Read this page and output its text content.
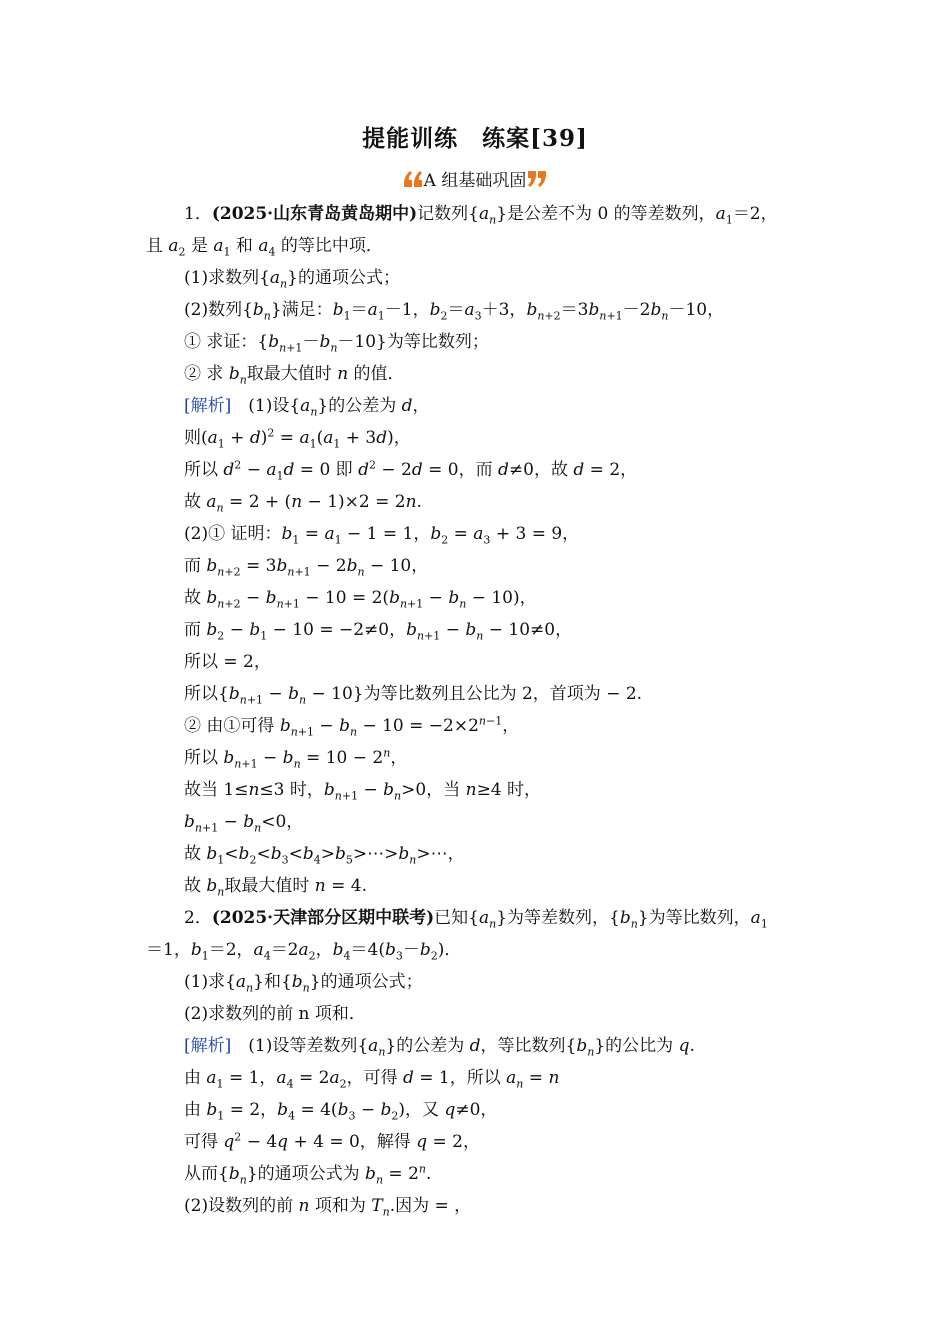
提能训练　练案[39]
A 组基础巩固
1．(2025·山东青岛黄岛期中)记数列$\{a_n\}$是公差不为 0 的等差数列，$a_1=2$，
且 $a_2$ 是 $a_1$ 和 $a_4$ 的等比中项．
(1)求数列$\{a_n\}$的通项公式；
(2)数列$\{b_n\}$满足：$b_1=a_1-1$，$b_2=a_3+3$，$b_{n+2}=3b_{n+1}-2b_n-10$，
① 求证：$\{b_{n+1}-b_n-10\}$为等比数列；
② 求 $b_n$取最大值时 n 的值．
[解析]　(1)设$\{a_n\}$的公差为 d，
则$(a_1 + d)^2 = a_1(a_1 + 3d)$，
所以 $d^2 - a_1d = 0$ 即 $d^2 - 2d = 0$，而 d≠0，故 d = 2，
故 $a_n = 2 + (n - 1)\times 2 = 2n$.
(2)① 证明：$b_1 = a_1 - 1 = 1$，$b_2 = a_3 + 3 = 9$，
而 $b_{n+2} = 3b_{n+1} - 2b_n - 10$，
故 $b_{n+2} - b_{n+1} - 10 = 2(b_{n+1} - b_n - 10)$，
而 $b_2 - b_1 - 10 = -2\ne 0$，$b_{n+1} - b_n - 10\ne 0$，
所以 = 2，
所以$\{b_{n+1} - b_n - 10\}$为等比数列且公比为 2，首项为 − 2.
② 由①可得 $b_{n+1} - b_n - 10 = -2\times 2^{n-1}$，
所以 $b_{n+1} - b_n = 10 - 2^n$，
故当 1≤n≤3 时，$b_{n+1} - b_n>0$，当 n≥4 时，
$b_{n+1} - b_n<0$，
故 $b_1<b_2<b_3<b_4>b_5>\cdots>b_n>\cdots$，
故 $b_n$取最大值时 n = 4.
2．(2025·天津部分区期中联考)已知$\{a_n\}$为等差数列，$\{b_n\}$为等比数列，$a_1$
＝1，$b_1=2$，$a_4=2a_2$，$b_4=4(b_3-b_2)$．
(1)求$\{a_n\}$和$\{b_n\}$的通项公式；
(2)求数列的前 n 项和．
[解析]　(1)设等差数列$\{a_n\}$的公差为 d，等比数列$\{b_n\}$的公比为 q.
由 $a_1 = 1$，$a_4 = 2a_2$，可得 d = 1，所以 $a_n = n$
由 $b_1 = 2$，$b_4 = 4(b_3 - b_2)$，又 q≠0，
可得 $q^2 - 4q + 4 = 0$，解得 q = 2，
从而$\{b_n\}$的通项公式为 $b_n = 2^n$.
(2)设数列的前 n 项和为 $T_n$.因为 = ，
